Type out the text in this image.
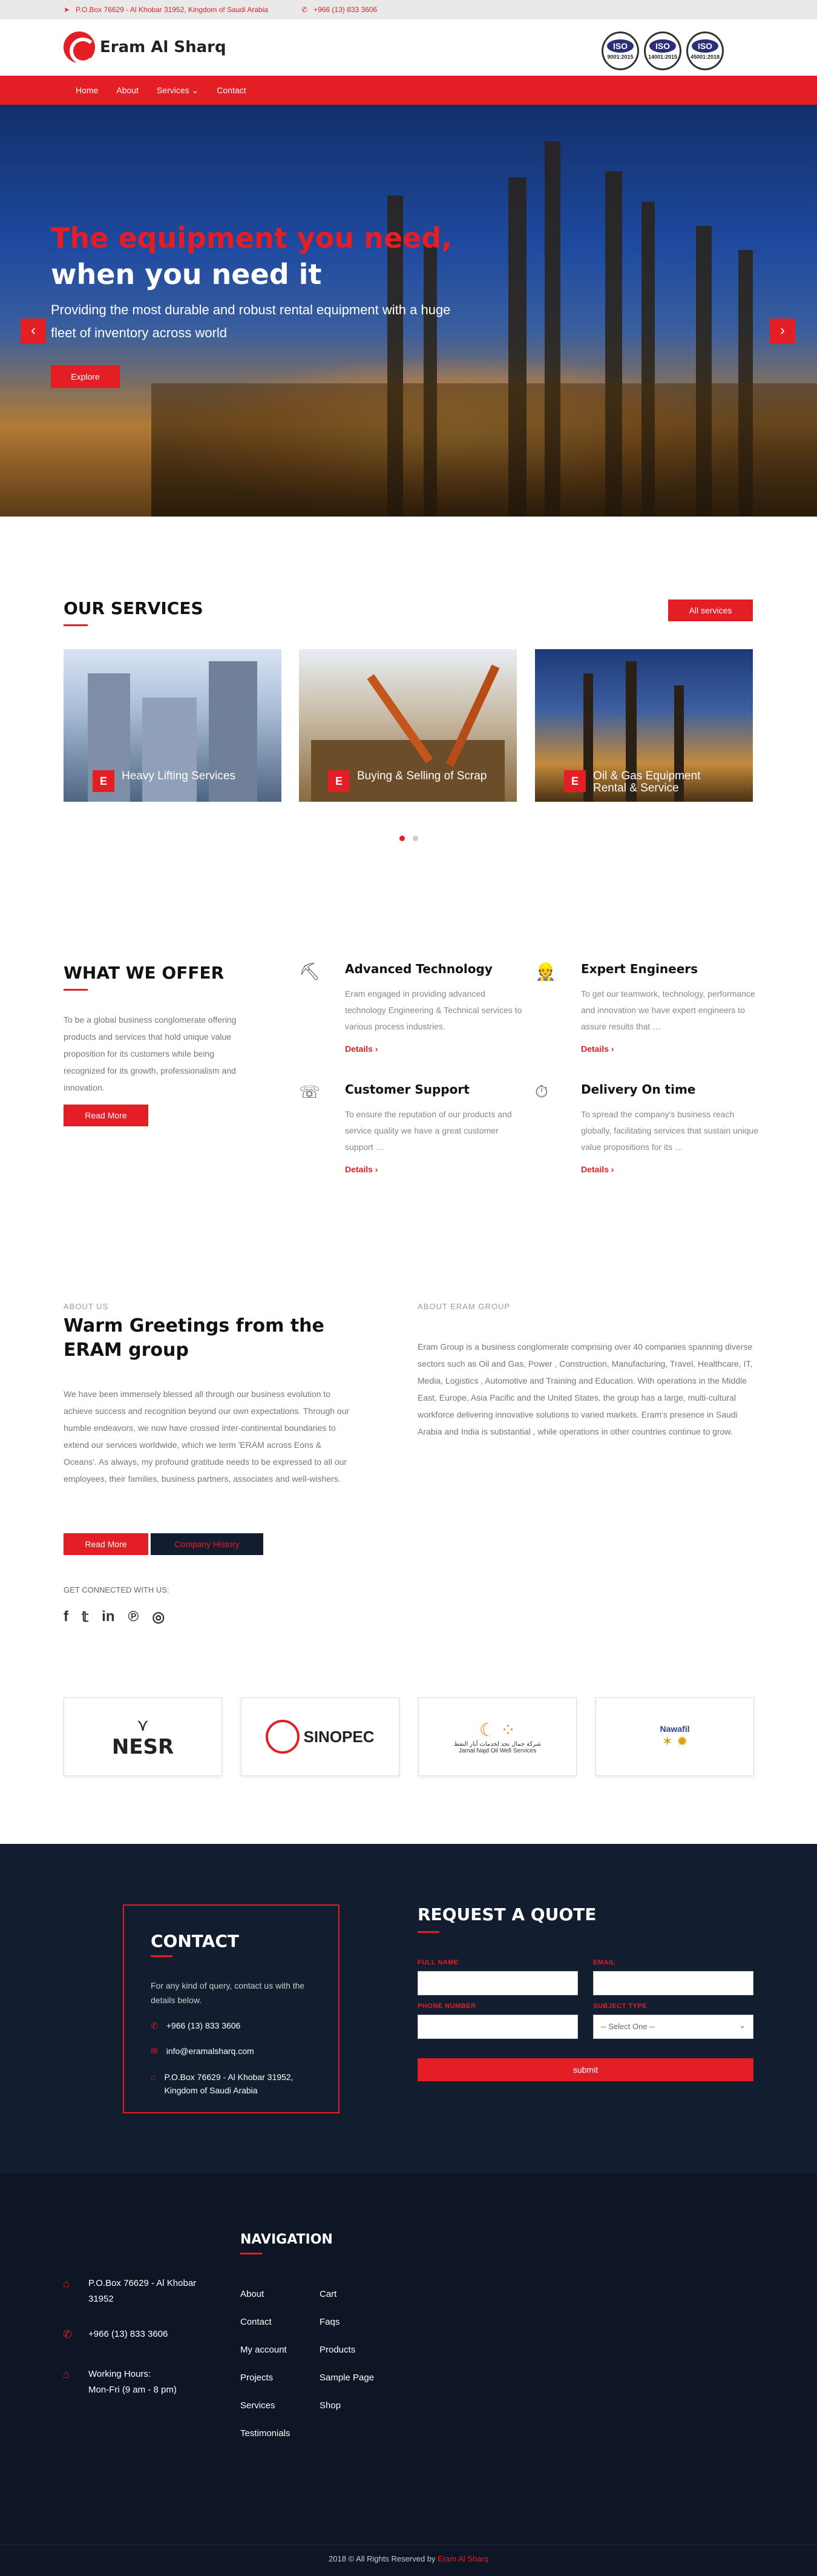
➤ P.O.Box 76629 - Al Khobar 31952, Kingdom of Saudi Arabia	✆ +966 (13) 833 3606
Eram Al Sharq	ISO
9001:2015
ISO
14001:2015
ISO
45001:2018
Home	About	Services ⌄	Contact
The equipment you need,
when you need it
Providing the most durable and robust rental equipment with a huge fleet of inventory across world
Explore
‹	›
OUR SERVICES	All services
E	Heavy Lifting Services	E	Buying & Selling of Scrap	E	Oil & Gas Equipment Rental & Service
WHAT WE OFFER

To be a global business conglomerate offering products and services that hold unique value proposition for its customers while being recognized for its growth, professionalism and innovation.

Read More
⛏	Advanced Technology

Eram engaged in providing advanced technology Engineering & Technical services to various process industries.

Details ›
👷	Expert Engineers

To get our teamwork, technology, performance and innovation we have expert engineers to assure results that …

Details ›
☏	Customer Support

To ensure the reputation of our products and service quality we have a great customer support …

Details ›
⏱	Delivery On time

To spread the company's business reach globally, facilitating services that sustain unique value propositions for its …

Details ›
ABOUT US
Warm Greetings from the ERAM group

We have been immensely blessed all through our business evolution to achieve success and recognition beyond our own expectations. Through our humble endeavors, we now have crossed inter-continental boundaries to extend our services worldwide, which we term 'ERAM across Eons & Oceans'. As always, my profound gratitude needs to be expressed to all our employees, their families, business partners, associates and well-wishers.

Read More	Company History
GET CONNECTED WITH US:
f 𝕥 in ℗ ◎
ABOUT ERAM GROUP

Eram Group is a business conglomerate comprising over 40 companies spanning diverse sectors such as Oil and Gas, Power , Construction, Manufacturing, Travel, Healthcare, IT, Media, Logistics , Automotive and Training and Education. With operations in the Middle East, Europe, Asia Pacific and the United States, the group has a large, multi-cultural workforce delivering innovative solutions to varied markets. Eram's presence in Saudi Arabia and India is substantial , while operations in other countries continue to grow.

⋎
NESR	SINOPEC	☾ ⁘
شركة جمال نجد لخدمات آبار النفط
Jamal Najd Oil Well Services
Nawafil
✶ ✹
CONTACT

For any kind of query, contact us with the details below.

✆ +966 (13) 833 3606
✉ info@eramalsharq.com
⌂ P.O.Box 76629 - Al Khobar 31952, Kingdom of Saudi Arabia
REQUEST A QUOTE
FULL NAME	EMAIL
PHONE NUMBER	SUBJECT TYPE
-- Select One --	⌄
submit
⌂	P.O.Box 76629 - Al Khobar 31952
✆	+966 (13) 833 3606
⌂	Working Hours:
Mon-Fri (9 am - 8 pm)
NAVIGATION
About
Contact
My account
Projects
Services
Testimonials
Cart
Faqs
Products
Sample Page
Shop
2018 © All Rights Reserved by Eram Al Sharq
